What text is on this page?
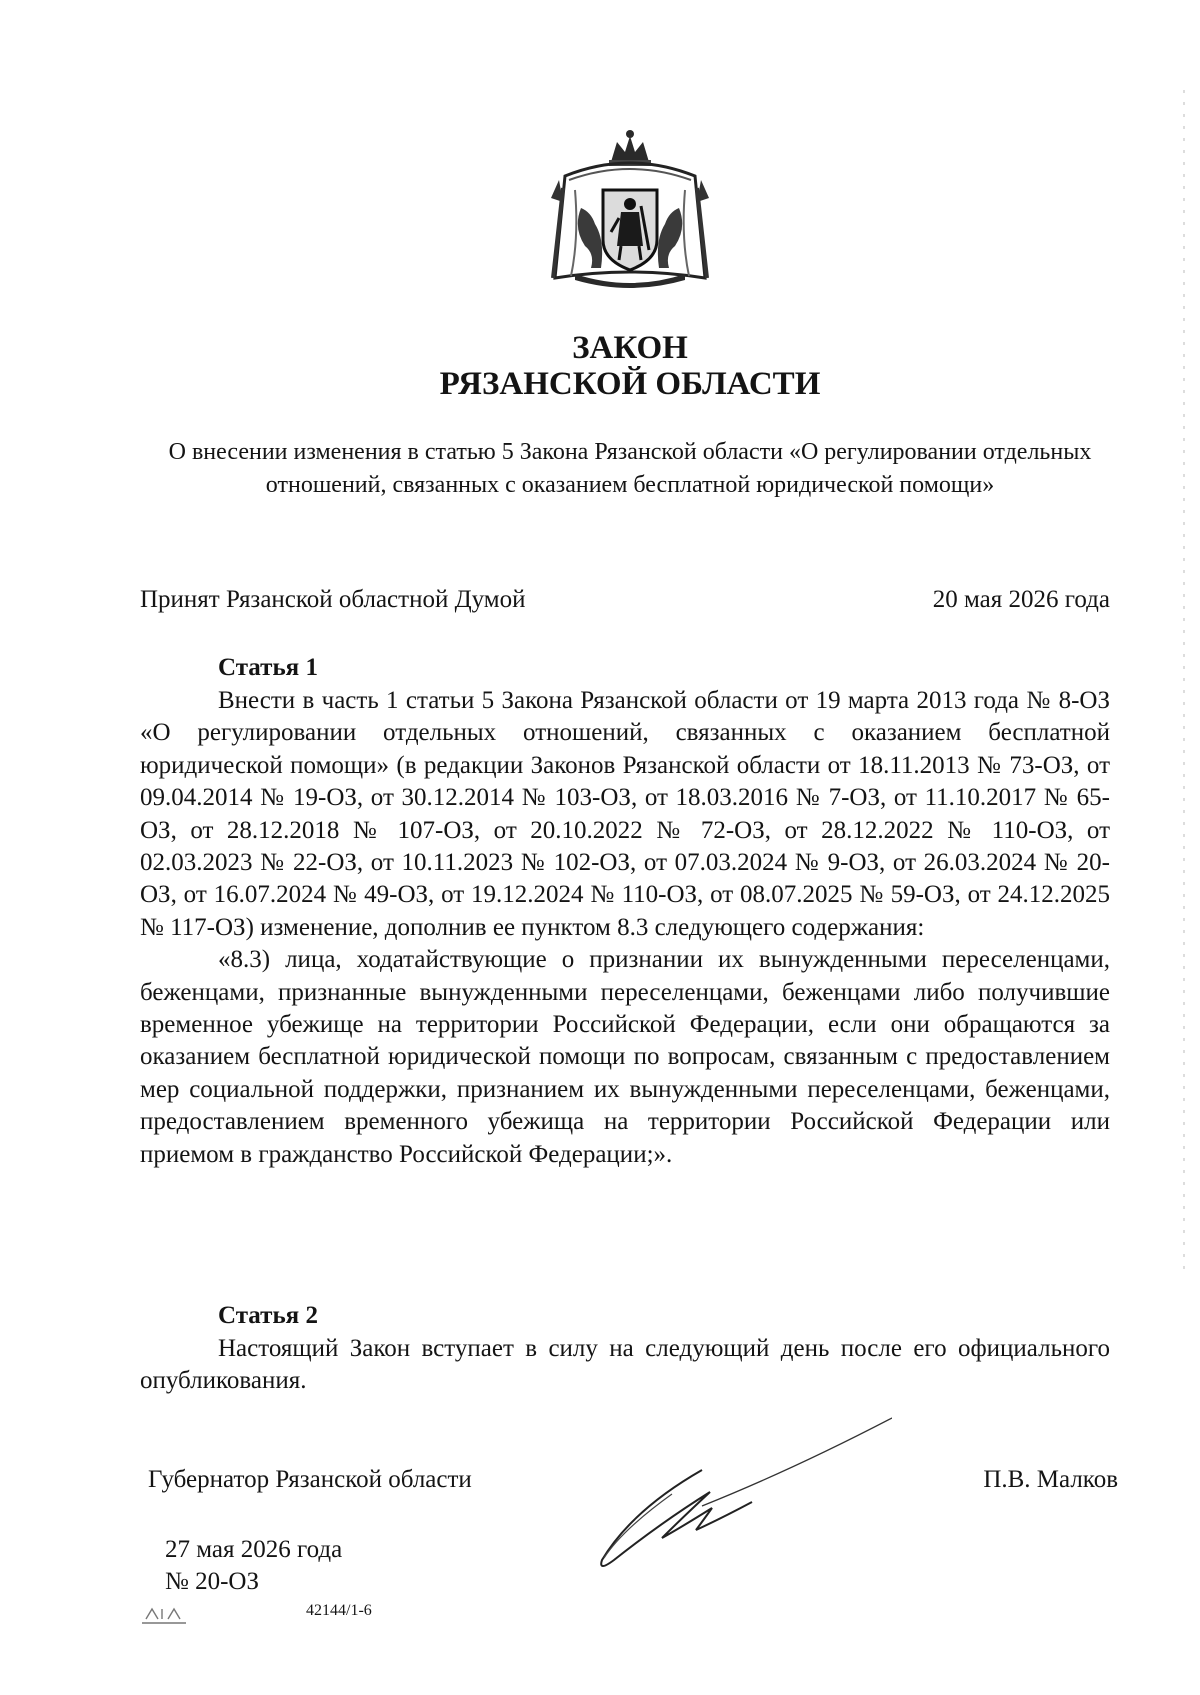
ЗАКОН
РЯЗАНСКОЙ ОБЛАСТИ

О внесении изменения в статью 5 Закона Рязанской области «О регулировании отдельных отношений, связанных с оказанием бесплатной юридической помощи»

Принят Рязанской областной Думой	20 мая 2026 года
Статья 1

Внести в часть 1 статьи 5 Закона Рязанской области от 19 марта 2013 года № 8-ОЗ «О регулировании отдельных отношений, связанных с оказанием бесплатной юридической помощи» (в редакции Законов Рязанской области от 18.11.2013 № 73-ОЗ, от 09.04.2014 № 19-ОЗ, от 30.12.2014 № 103-ОЗ, от 18.03.2016 № 7-ОЗ, от 11.10.2017 № 65-ОЗ, от 28.12.2018 № 107-ОЗ, от 20.10.2022 № 72-ОЗ, от 28.12.2022 № 110-ОЗ, от 02.03.2023 № 22-ОЗ, от 10.11.2023 № 102-ОЗ, от 07.03.2024 № 9-ОЗ, от 26.03.2024 № 20-ОЗ, от 16.07.2024 № 49-ОЗ, от 19.12.2024 № 110-ОЗ, от 08.07.2025 № 59-ОЗ, от 24.12.2025 № 117-ОЗ) изменение, дополнив ее пунктом 8.3 следующего содержания:

«8.3) лица, ходатайствующие о признании их вынужденными переселенцами, беженцами, признанные вынужденными переселенцами, беженцами либо получившие временное убежище на территории Российской Федерации, если они обращаются за оказанием бесплатной юридической помощи по вопросам, связанным с предоставлением мер социальной поддержки, признанием их вынужденными переселенцами, беженцами, предоставлением временного убежища на территории Российской Федерации или приемом в гражданство Российской Федерации;».

Статья 2

Настоящий Закон вступает в силу на следующий день после его официального опубликования.

Губернатор Рязанской области	П.В. Малков
27 мая 2026 года
№ 20-ОЗ
42144/1-6
